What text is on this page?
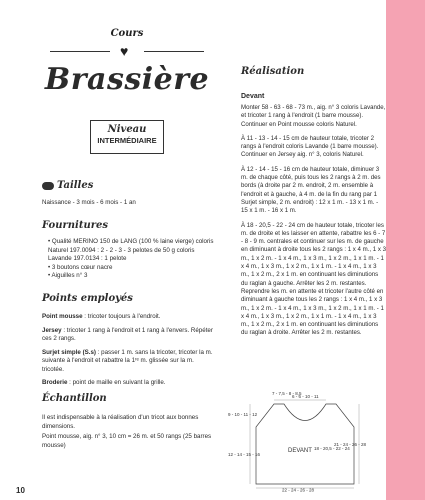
Cours
♥
Brassière
Niveau
INTERMÉDIAIRE
Tailles
Naissance - 3 mois - 6 mois - 1 an
Fournitures
• Qualité MERINO 150 de LANG (100 % laine vierge) coloris Naturel 197.0094 : 2 - 2 - 3 - 3 pelotes de 50 g coloris Lavande 197.0134 : 1 pelote
• 3 boutons cœur nacre
• Aiguilles n° 3
Points employés

Point mousse : tricoter toujours à l'endroit.

Jersey : tricoter 1 rang à l'endroit et 1 rang à l'envers. Répéter ces 2 rangs.

Surjet simple (S.s) : passer 1 m. sans la tricoter, tricoter la m. suivante à l'endroit et rabattre la 1ʳᵉ m. glissée sur la m. tricotée.

Broderie : point de maille en suivant la grille.

Échantillon

Il est indispensable à la réalisation d'un tricot aux bonnes dimensions.

Point mousse, aig. n° 3, 10 cm = 26 m. et 50 rangs (25 barres mousse)

Réalisation
Devant

Monter 58 - 63 - 68 - 73 m., aig. n° 3 coloris Lavande, et tricoter 1 rang à l'endroit (1 barre mousse). Continuer en Point mousse coloris Naturel.

À 11 - 13 - 14 - 15 cm de hauteur totale, tricoter 2 rangs à l'endroit coloris Lavande (1 barre mousse). Continuer en Jersey aig. n° 3, coloris Naturel.

À 12 - 14 - 15 - 16 cm de hauteur totale, diminuer 3 m. de chaque côté, puis tous les 2 rangs à 2 m. des bords (à droite par 2 m. endroit, 2 m. ensemble à l'endroit et à gauche, à 4 m. de la fin du rang par 1 Surjet simple, 2 m. endroit) : 12 x 1 m. - 13 x 1 m. - 15 x 1 m. - 16 x 1 m.

À 18 - 20,5 - 22 - 24 cm de hauteur totale, tricoter les m. de droite et les laisser en attente, rabattre les 6 - 7 - 8 - 9 m. centrales et continuer sur les m. de gauche en diminuant à droite tous les 2 rangs : 1 x 4 m., 1 x 3 m., 1 x 2 m. - 1 x 4 m., 1 x 3 m., 1 x 2 m., 1 x 1 m. - 1 x 4 m., 1 x 3 m., 1 x 2 m., 1 x 1 m. - 1 x 4 m., 1 x 3 m., 1 x 2 m., 2 x 1 m. en continuant les diminutions du raglan à gauche. Arrêter les 2 m. restantes. Reprendre les m. en attente et tricoter l'autre côté en diminuant à gauche tous les 2 rangs : 1 x 4 m., 1 x 3 m., 1 x 2 m. - 1 x 4 m., 1 x 3 m., 1 x 2 m., 1 x 1 m. - 1 x 4 m., 1 x 3 m., 1 x 2 m., 1 x 1 m. - 1 x 4 m., 1 x 3 m., 1 x 2 m., 2 x 1 m. en continuant les diminutions du raglan à droite. Arrêter les 2 m. restantes.

7 - 7,5 - 8 - 8,5
6 - 6 - 10 - 11
9 - 10 - 11 - 12
12 - 14 - 15 - 16
18 - 20,5 - 22 - 24
21 - 24 - 26 - 28
22 - 24 - 26 - 28
DEVANT
10
